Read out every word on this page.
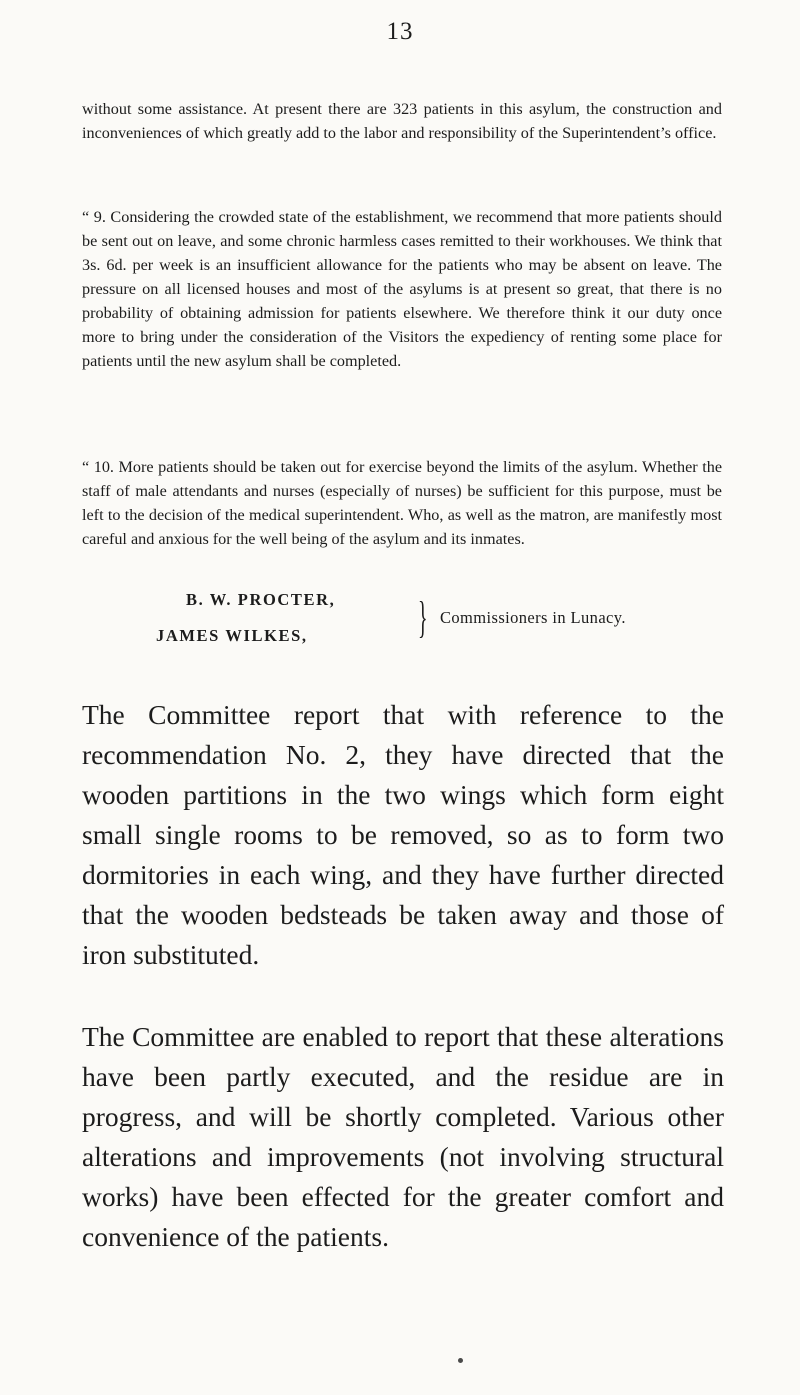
13

without some assistance. At present there are 323 patients in this asylum, the construction and inconveniences of which greatly add to the labor and responsibility of the Superintendent’s office.

“ 9. Considering the crowded state of the establishment, we recommend that more patients should be sent out on leave, and some chronic harmless cases remitted to their workhouses. We think that 3s. 6d. per week is an insufficient allowance for the patients who may be absent on leave. The pressure on all licensed houses and most of the asylums is at present so great, that there is no probability of obtaining admission for patients elsewhere. We therefore think it our duty once more to bring under the consideration of the Visitors the expediency of renting some place for patients until the new asylum shall be completed.

“ 10. More patients should be taken out for exercise beyond the limits of the asylum. Whether the staff of male attendants and nurses (especially of nurses) be sufficient for this purpose, must be left to the decision of the medical superintendent. Who, as well as the matron, are manifestly most careful and anxious for the well being of the asylum and its inmates.

B. W. PROCTER,
JAMES WILKES,	} Commissioners in Lunacy.

The Committee report that with reference to the recommendation No. 2, they have directed that the wooden partitions in the two wings which form eight small single rooms to be removed, so as to form two dormitories in each wing, and they have further directed that the wooden bedsteads be taken away and those of iron substituted.

The Committee are enabled to report that these alterations have been partly executed, and the residue are in progress, and will be shortly completed. Various other alterations and improvements (not involving structural works) have been effected for the greater comfort and convenience of the patients.
